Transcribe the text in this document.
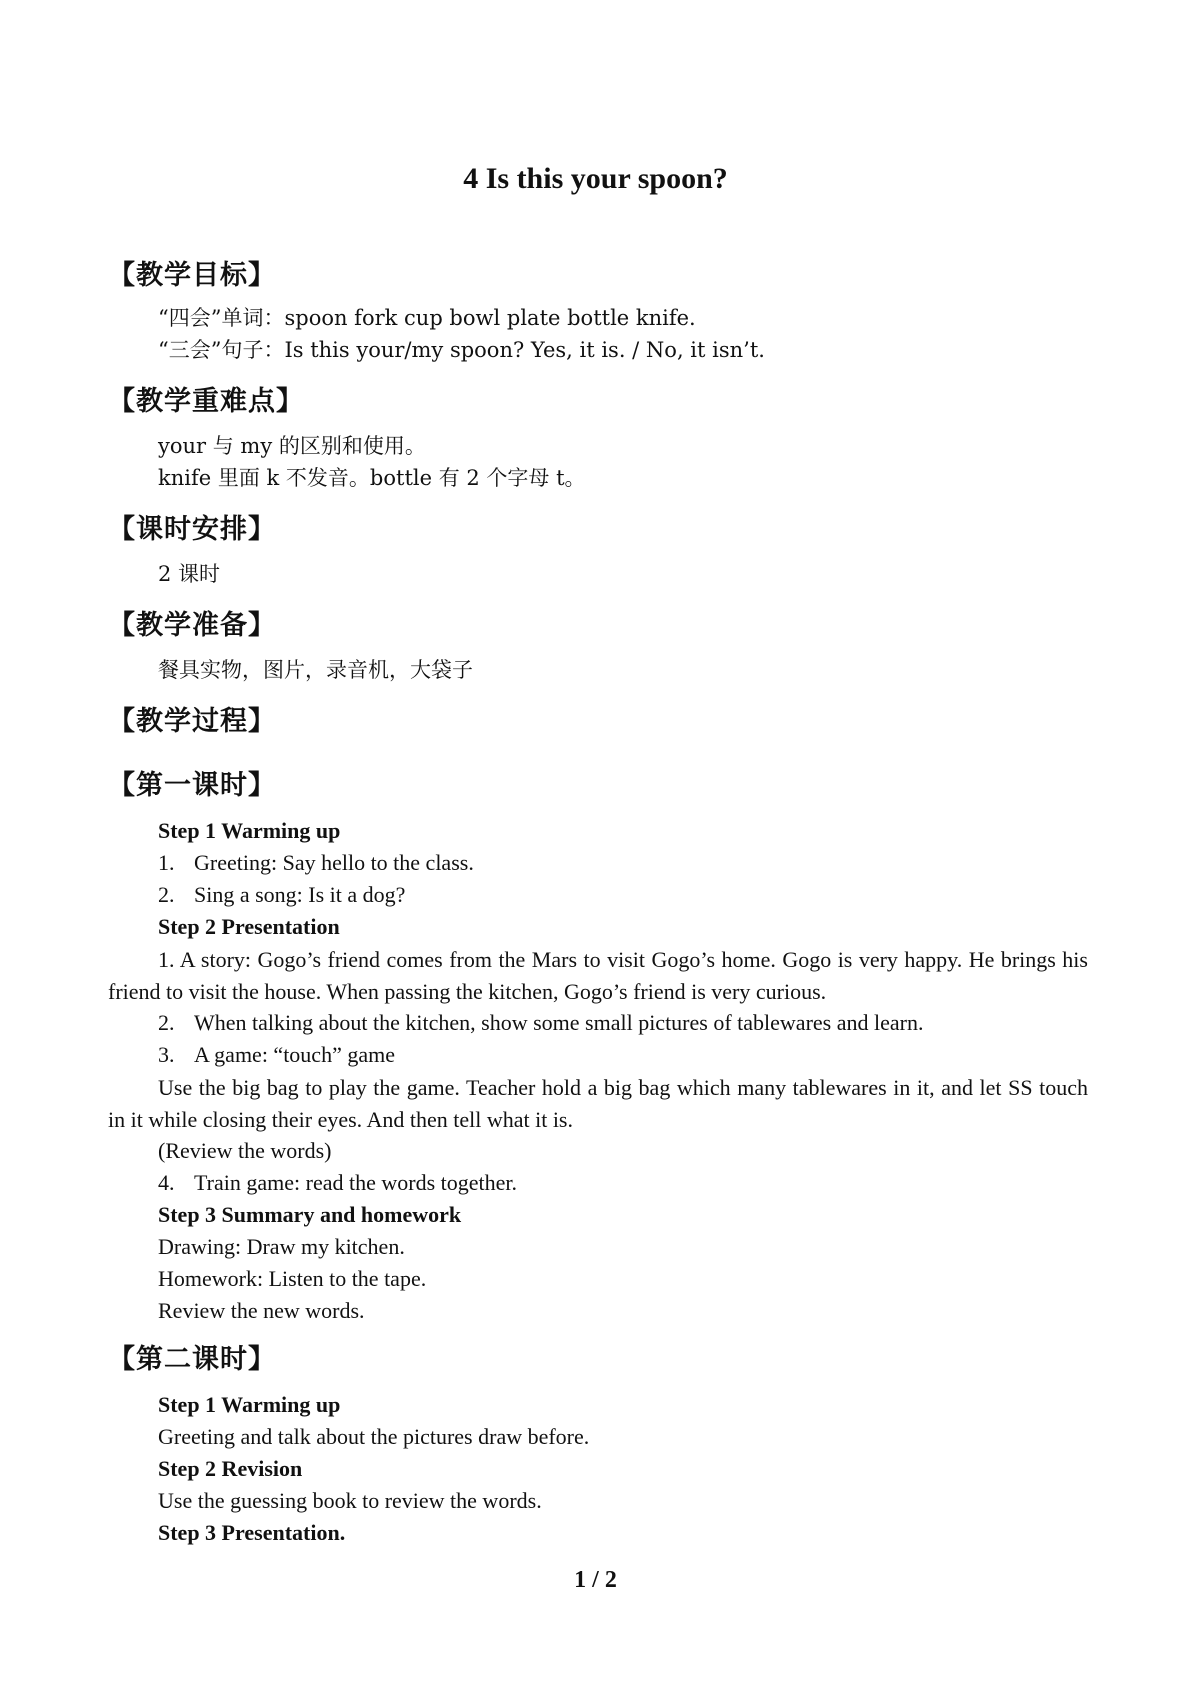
4 Is this your spoon?
【教学目标】
“四会”单词：spoon fork cup bowl plate bottle knife.
“三会”句子：Is this your/my spoon? Yes, it is. / No, it isn’t.
【教学重难点】
your 与 my 的区别和使用。
knife 里面 k 不发音。bottle 有 2 个字母 t。
【课时安排】
2 课时
【教学准备】
餐具实物，图片，录音机，大袋子
【教学过程】
【第一课时】
Step 1 Warming up
1. Greeting: Say hello to the class.
2. Sing a song: Is it a dog?
Step 2 Presentation
1. A story: Gogo’s friend comes from the Mars to visit Gogo’s home. Gogo is very happy. He brings his friend to visit the house. When passing the kitchen, Gogo’s friend is very curious.
2. When talking about the kitchen, show some small pictures of tablewares and learn.
3. A game: “touch” game
Use the big bag to play the game. Teacher hold a big bag which many tablewares in it, and let SS touch in it while closing their eyes. And then tell what it is.
(Review the words)
4. Train game: read the words together.
Step 3 Summary and homework
Drawing: Draw my kitchen.
Homework: Listen to the tape.
Review the new words.
【第二课时】
Step 1 Warming up
Greeting and talk about the pictures draw before.
Step 2 Revision
Use the guessing book to review the words.
Step 3 Presentation.
1 / 2
